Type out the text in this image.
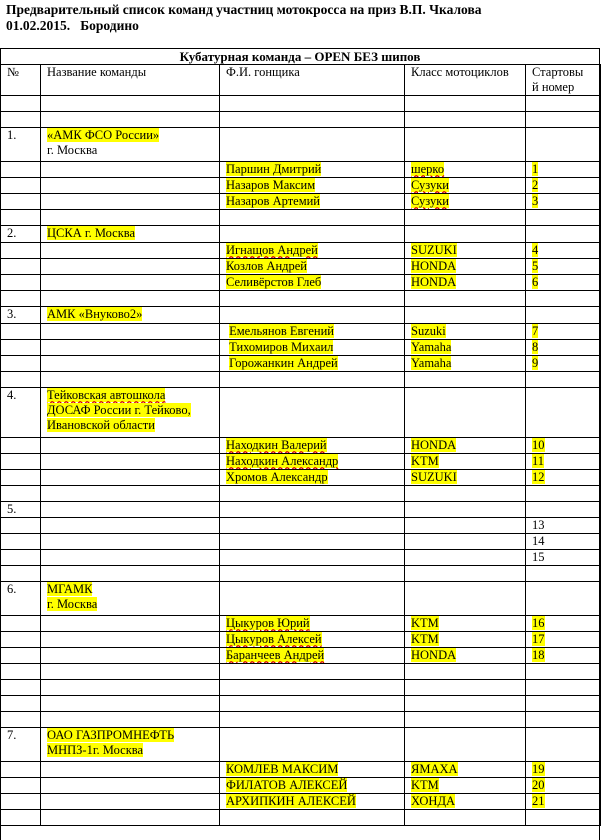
Предварительный список команд участниц мотокросса на приз В.П. Чкалова
01.02.2015.   Бородино
Кубатурная команда – OPEN БЕЗ шипов
№	Название команды	Ф.И. гонщика	Класс мотоциклов	Стартовы
й номер

1.	«АМК ФСО России»
г. Москва			
		Паршин Дмитрий	шерко	1
		Назаров Максим	Сузуки	2
		Назаров Артемий	Сузуки	3

2.	ЦСКА г. Москва			
		Игнащов Андрей	SUZUKI	4
		Козлов Андрей	HONDA	5
		Селивёрстов Глеб	HONDA	6

3.	АМК «Внуково2»			
		Емельянов Евгений	Suzuki	7
		Тихомиров Михаил	Yamaha	8
		Горожанкин Андрей	Yamaha	9

4.	Тейковская автошкола
ДОСАФ России г. Тейково,
Ивановской области			
		Находкин Валерий	HONDA	10
		Находкин Александр	KTM	11
		Хромов Александр	SUZUKI	12

5.				
				13
				14
				15

6.	МГАМК
г. Москва			
		Цыкуров Юрий	KTM	16
		Цыкуров Алексей	KTM	17
		Баранчеев Андрей	HONDA	18

7.	ОАО ГАЗПРОМНЕФТЬ
МНПЗ-1г. Москва			
		КОМЛЕВ МАКСИМ	ЯМАХА	19
		ФИЛАТОВ АЛЕКСЕЙ	KTM	20
		АРХИПКИН АЛЕКСЕЙ	ХОНДА	21
